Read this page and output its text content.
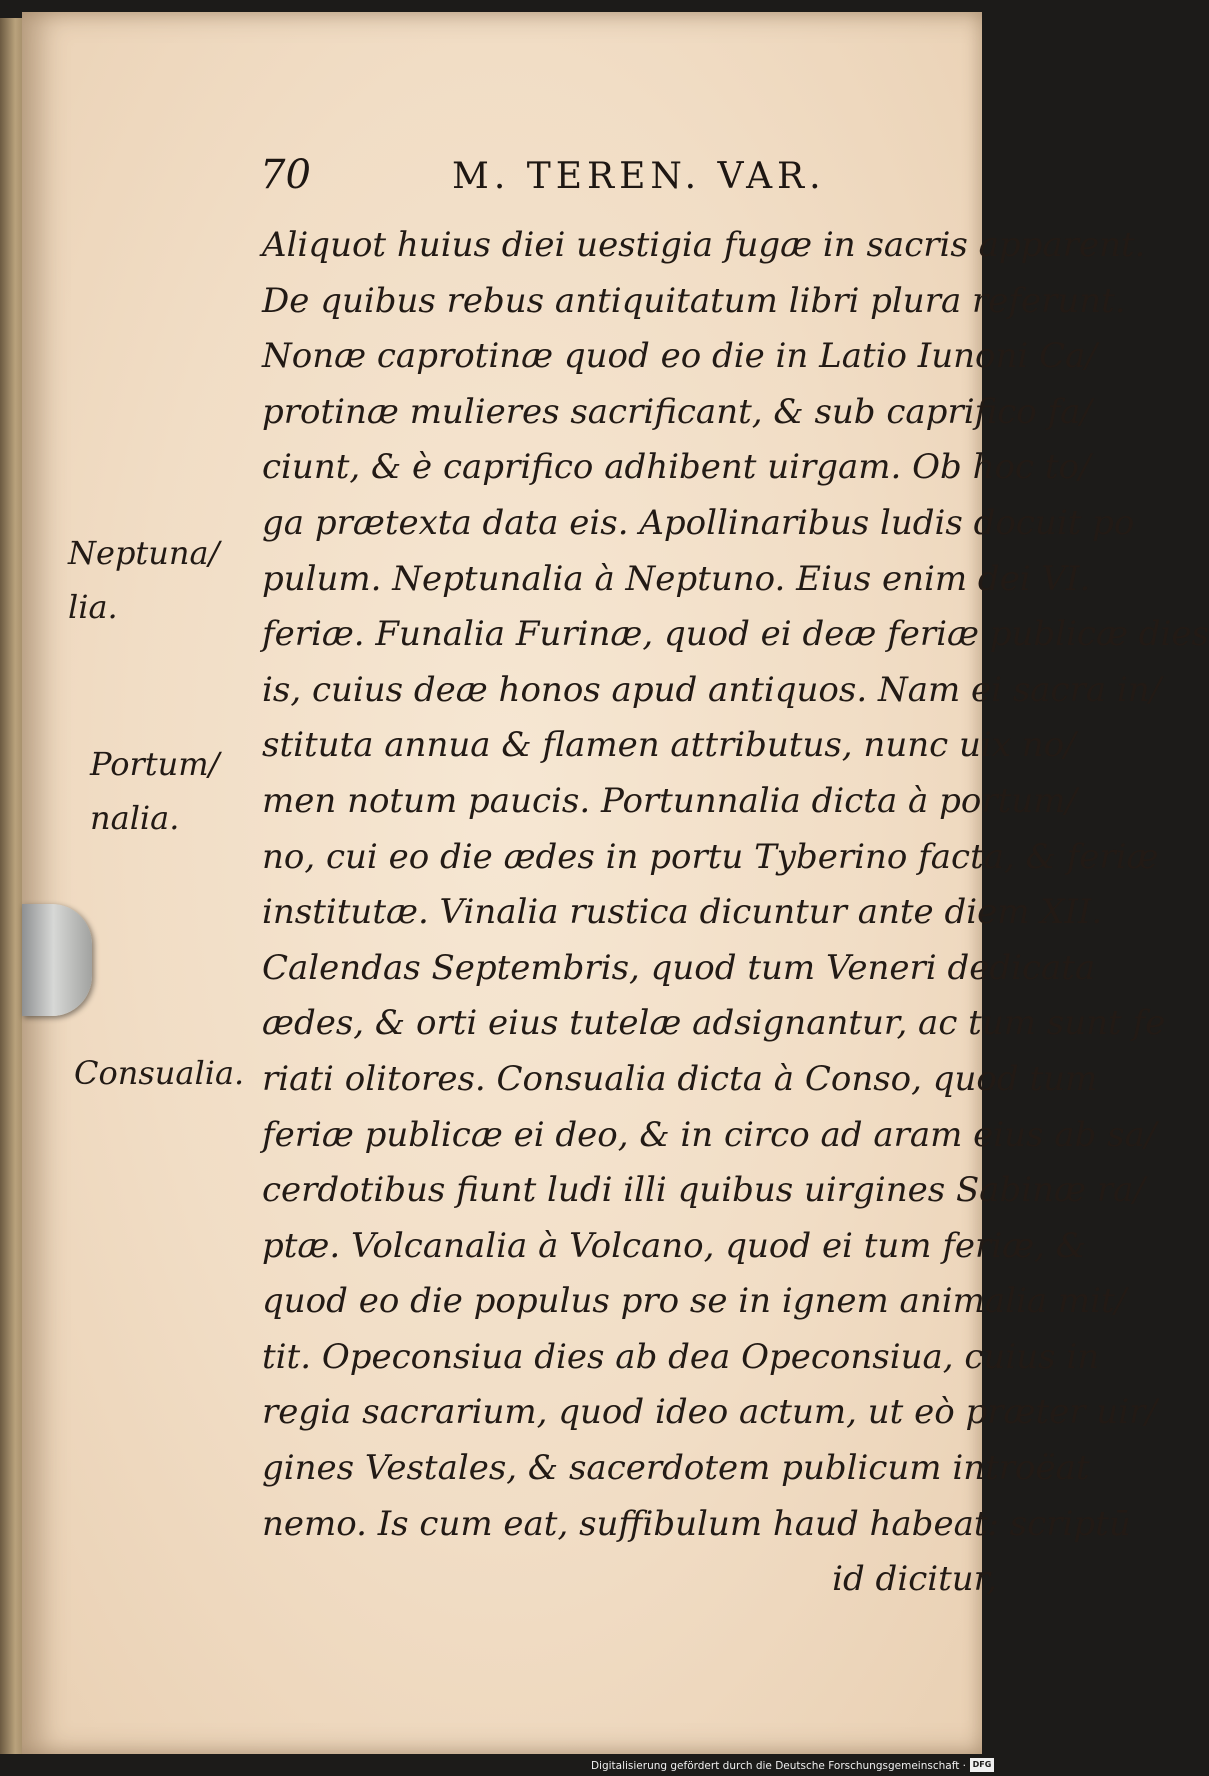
70	M. TEREN. VAR.
Neptuna/
lia.
Portum/
nalia.
Consualia.
Aliquot huius diei uestigia fugæ in sacris apparent.
De quibus rebus antiquitatum libri plura referunt.
Nonæ caprotinæ quod eo die in Latio Iunoni Ca/
protinæ mulieres sacrificant, & sub caprifico fa/
ciunt, & è caprifico adhibent uirgam. Ob hoc to/
ga prætexta data eis. Apollinaribus ludis docuit po
pulum. Neptunalia à Neptuno. Eius enim dei VI.
feriæ. Funalia Furinæ, quod ei deæ feriæ publicæ dies
is, cuius deæ honos apud antiquos. Nam ei sacra in/
stituta annua & flamen attributus, nunc uix no/
men notum paucis. Portunnalia dicta à portum/
no, cui eo die ædes in portu Tyberino facta, & feriæ
institutæ. Vinalia rustica dicuntur ante diem XII.
Calendas Septembris, quod tum Veneri dedicata
ædes, & orti eius tutelæ adsignantur, ac tum sunt fe
riati olitores. Consualia dicta à Conso, quod tum
feriæ publicæ ei deo, & in circo ad aram eius ab sa/
cerdotibus fiunt ludi illi quibus uirgines Sabinæ ra/
ptæ. Volcanalia à Volcano, quod ei tum feriæ, &
quod eo die populus pro se in ignem animalia mit/
tit. Opeconsiua dies ab dea Opeconsiua, cuius in
regia sacrarium, quod ideo actum, ut eò præter uir/
gines Vestales, & sacerdotem publicum introëat
nemo. Is cum eat, suffibulum haud habeat: scriptū
id dicitur,
Digitalisierung gefördert durch die Deutsche Forschungsgemeinschaft · DFG
